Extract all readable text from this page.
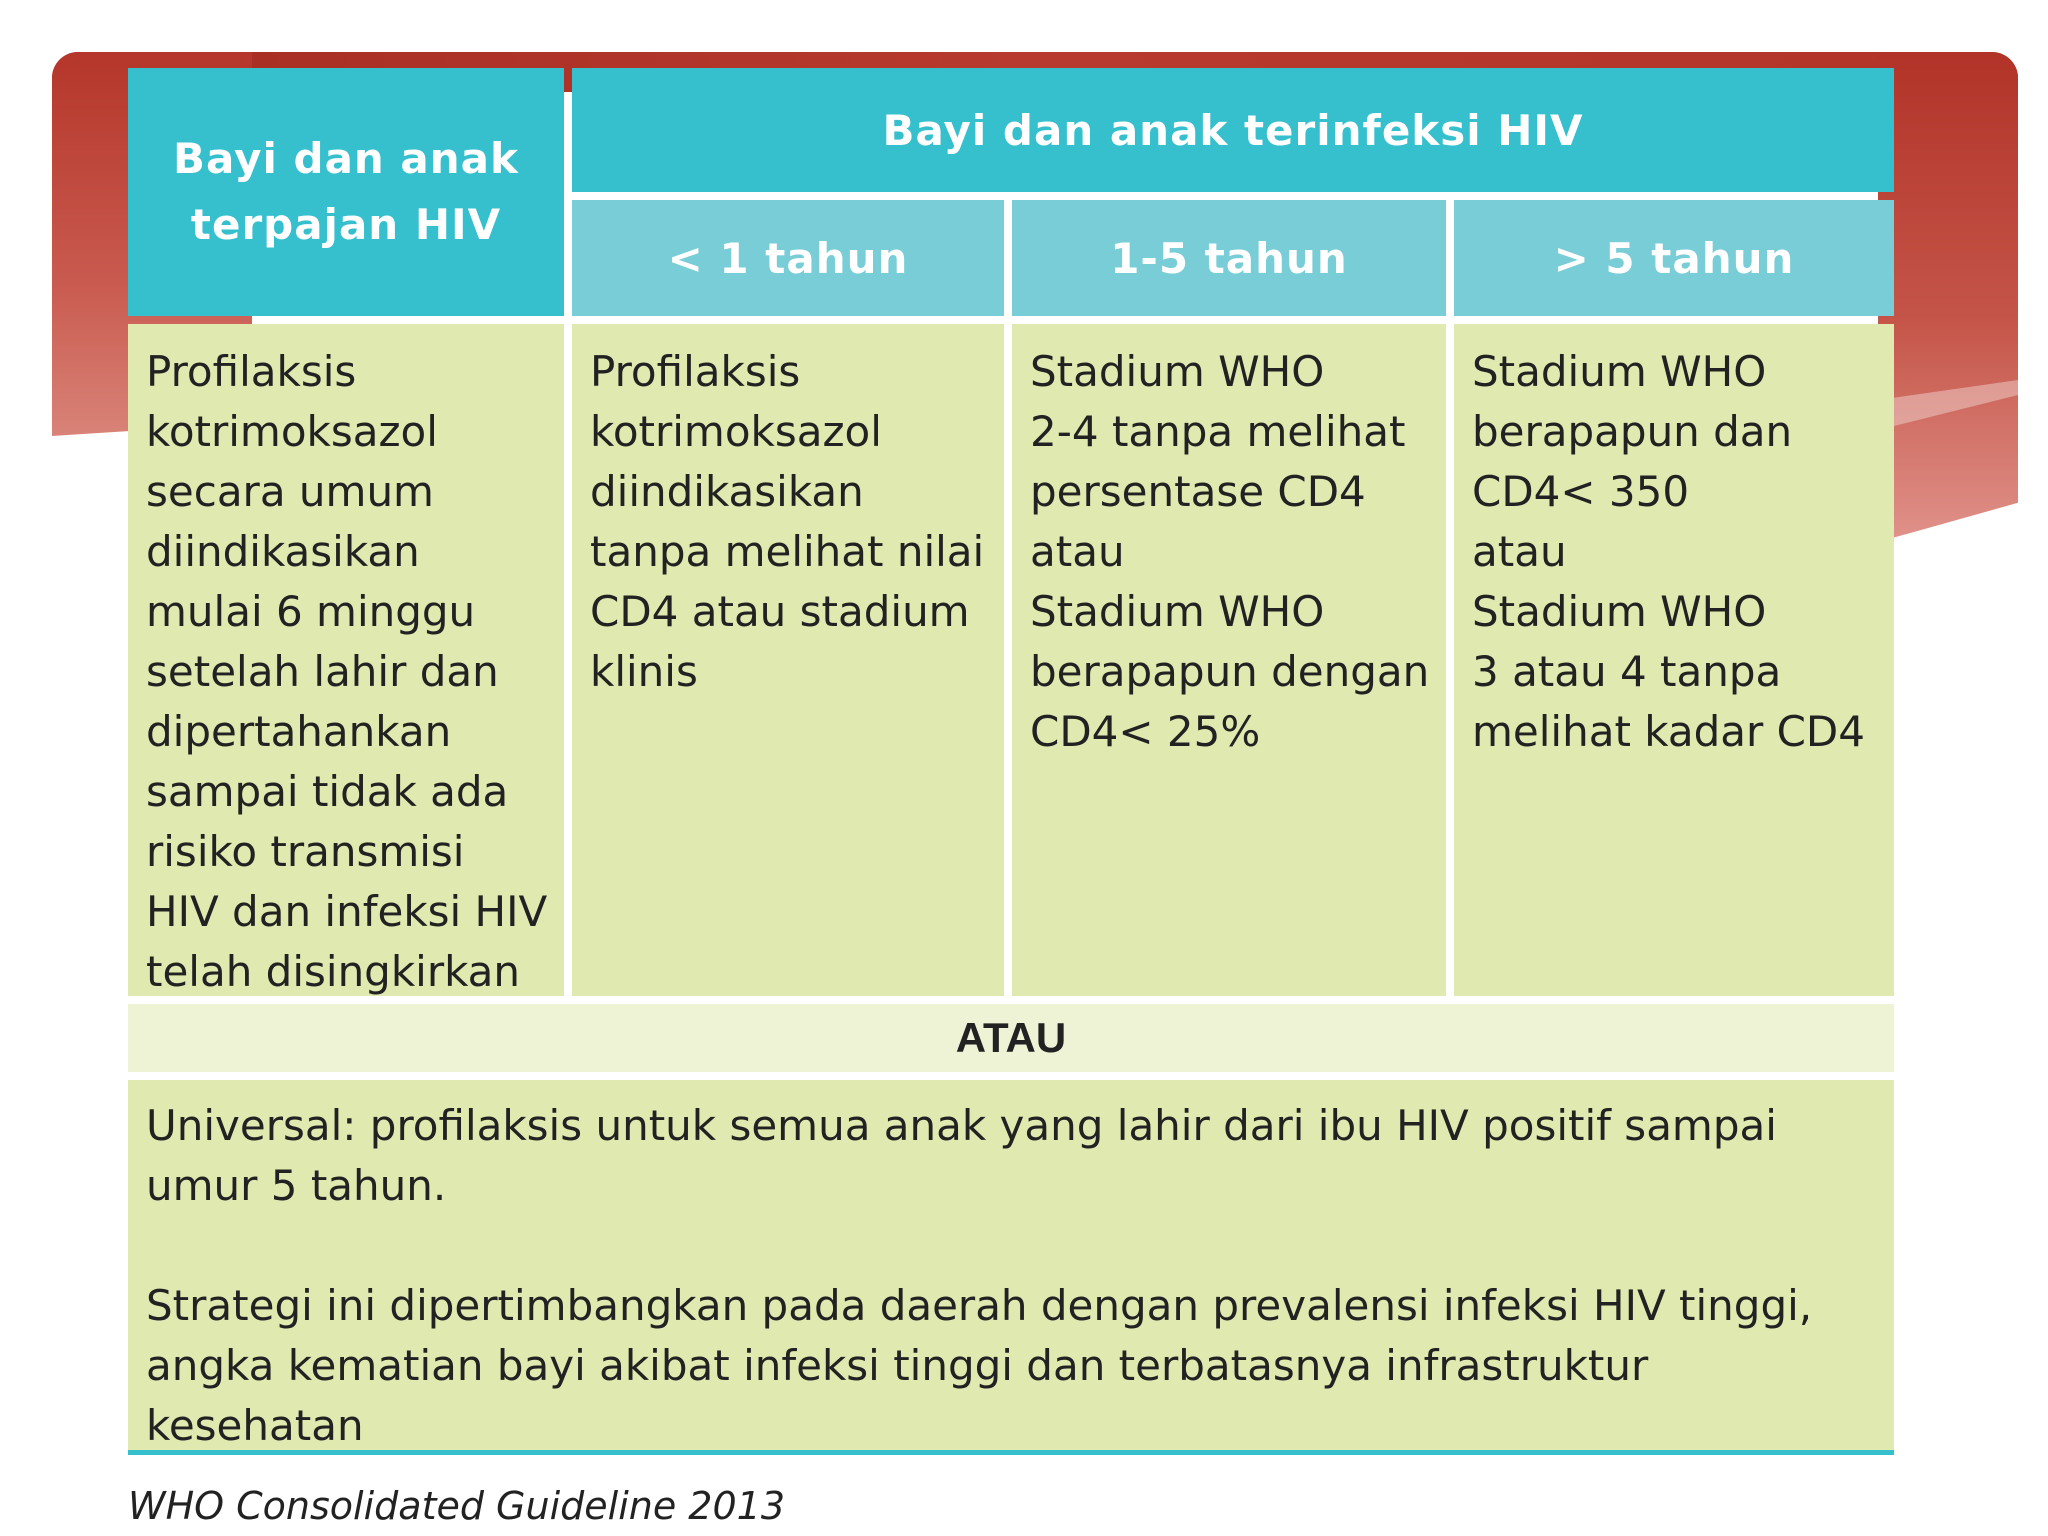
Bayi dan anak
terpajan HIV
Bayi dan anak terinfeksi HIV
< 1 tahun	1-5 tahun	> 5 tahun
Profilaksis
kotrimoksazol
secara umum
diindikasikan
mulai 6 minggu
setelah lahir dan
dipertahankan
sampai tidak ada
risiko transmisi
HIV dan infeksi HIV
telah disingkirkan
Profilaksis
kotrimoksazol
diindikasikan
tanpa melihat nilai
CD4 atau stadium
klinis
Stadium WHO
2-4 tanpa melihat
persentase CD4
atau
Stadium WHO
berapapun dengan
CD4< 25%
Stadium WHO
berapapun dan
CD4< 350
atau
Stadium WHO
3 atau 4 tanpa
melihat kadar CD4
ATAU
Universal: profilaksis untuk semua anak yang lahir dari ibu HIV positif sampai
umur 5 tahun.
Strategi ini dipertimbangkan pada daerah dengan prevalensi infeksi HIV tinggi,
angka kematian bayi akibat infeksi tinggi dan terbatasnya infrastruktur kesehatan
WHO Consolidated Guideline 2013
